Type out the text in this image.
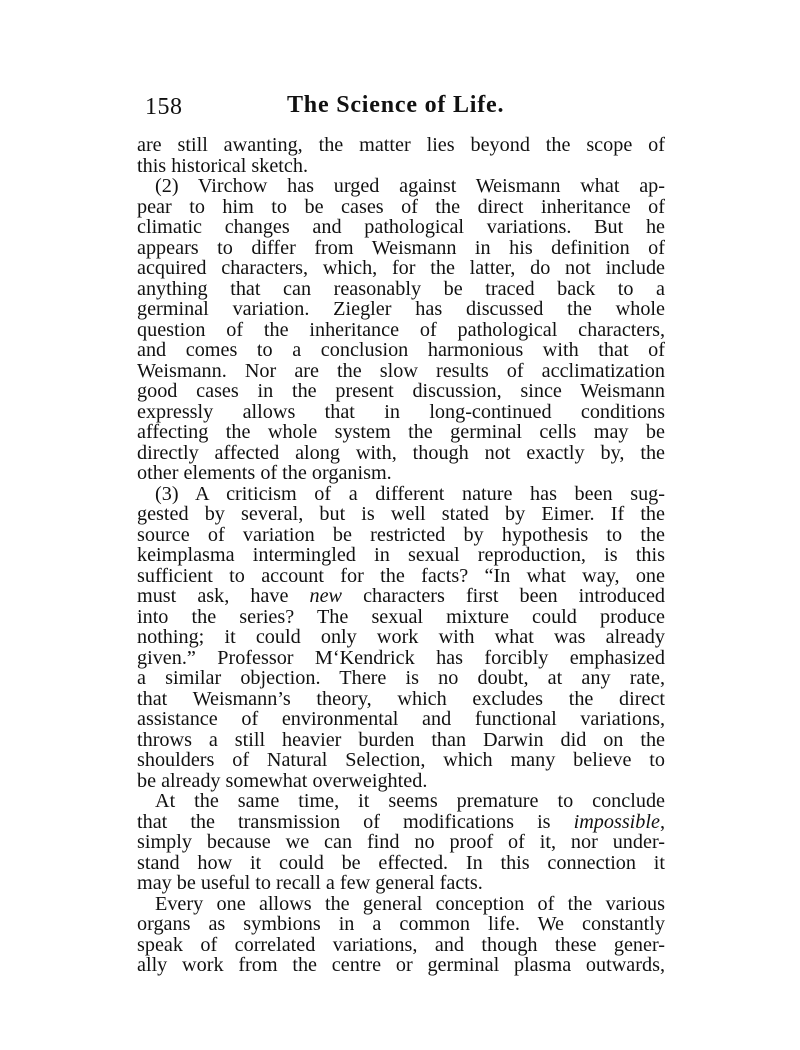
158	The Science of Life.
are still awanting, the matter lies beyond the scope of
this historical sketch.
(2) Virchow has urged against Weismann what ap-
pear to him to be cases of the direct inheritance of
climatic changes and pathological variations. But he
appears to differ from Weismann in his definition of
acquired characters, which, for the latter, do not include
anything that can reasonably be traced back to a
germinal variation. Ziegler has discussed the whole
question of the inheritance of pathological characters,
and comes to a conclusion harmonious with that of
Weismann. Nor are the slow results of acclimatization
good cases in the present discussion, since Weismann
expressly allows that in long-continued conditions
affecting the whole system the germinal cells may be
directly affected along with, though not exactly by, the
other elements of the organism.
(3) A criticism of a different nature has been sug-
gested by several, but is well stated by Eimer. If the
source of variation be restricted by hypothesis to the
keimplasma intermingled in sexual reproduction, is this
sufficient to account for the facts? “In what way, one
must ask, have new characters first been introduced
into the series? The sexual mixture could produce
nothing; it could only work with what was already
given.” Professor M‘Kendrick has forcibly emphasized
a similar objection. There is no doubt, at any rate,
that Weismann’s theory, which excludes the direct
assistance of environmental and functional variations,
throws a still heavier burden than Darwin did on the
shoulders of Natural Selection, which many believe to
be already somewhat overweighted.
At the same time, it seems premature to conclude
that the transmission of modifications is impossible,
simply because we can find no proof of it, nor under-
stand how it could be effected. In this connection it
may be useful to recall a few general facts.
Every one allows the general conception of the various
organs as symbions in a common life. We constantly
speak of correlated variations, and though these gener-
ally work from the centre or germinal plasma outwards,
